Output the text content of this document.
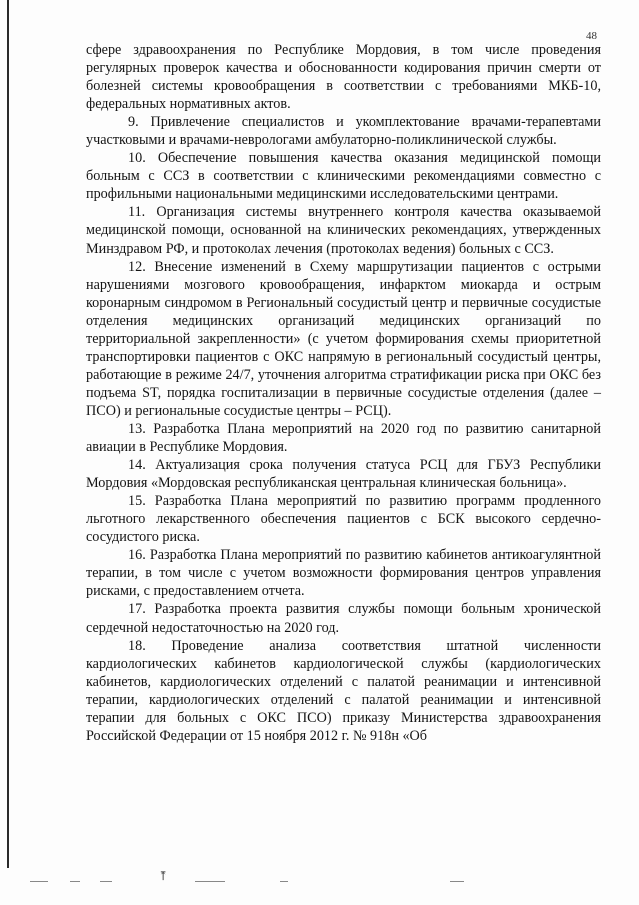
48

сфере здравоохранения по Республике Мордовия, в том числе проведения регулярных проверок качества и обоснованности кодирования причин смерти от болезней системы кровообращения в соответствии с требованиями МКБ-10, федеральных нормативных актов.

9. Привлечение специалистов и укомплектование врачами-терапевтами участковыми и врачами-неврологами амбулаторно-поликлинической службы.

10. Обеспечение повышения качества оказания медицинской помощи больным с ССЗ в соответствии с клиническими рекомендациями совместно с профильными национальными медицинскими исследовательскими центрами.

11. Организация системы внутреннего контроля качества оказываемой медицинской помощи, основанной на клинических рекомендациях, утвержденных Минздравом РФ, и протоколах лечения (протоколах ведения) больных с ССЗ.

12. Внесение изменений в Схему маршрутизации пациентов с острыми нарушениями мозгового кровообращения, инфарктом миокарда и острым коронарным синдромом в Региональный сосудистый центр и первичные сосудистые отделения медицинских организаций медицинских организаций по территориальной закрепленности» (с учетом формирования схемы приоритетной транспортировки пациентов с ОКС напрямую в региональный сосудистый центры, работающие в режиме 24/7, уточнения алгоритма стратификации риска при ОКС без подъема ST, порядка госпитализации в первичные сосудистые отделения (далее – ПСО) и региональные сосудистые центры – РСЦ).

13. Разработка Плана мероприятий на 2020 год по развитию санитарной авиации в Республике Мордовия.

14. Актуализация срока получения статуса РСЦ для ГБУЗ Республики Мордовия «Мордовская республиканская центральная клиническая больница».

15. Разработка Плана мероприятий по развитию программ продленного льготного лекарственного обеспечения пациентов с БСК высокого сердечно-сосудистого риска.

16. Разработка Плана мероприятий по развитию кабинетов антикоагулянтной терапии, в том числе с учетом возможности формирования центров управления рисками, с предоставлением отчета.

17. Разработка проекта развития службы помощи больным хронической сердечной недостаточностью на 2020 год.

18. Проведение анализа соответствия штатной численности кардиологических кабинетов кардиологической службы (кардиологических кабинетов, кардиологических отделений с палатой реанимации и интенсивной терапии, кардиологических отделений с палатой реанимации и интенсивной терапии для больных с ОКС ПСО) приказу Министерства здравоохранения Российской Федерации от 15 ноября 2012 г. № 918н «Об

⤒
